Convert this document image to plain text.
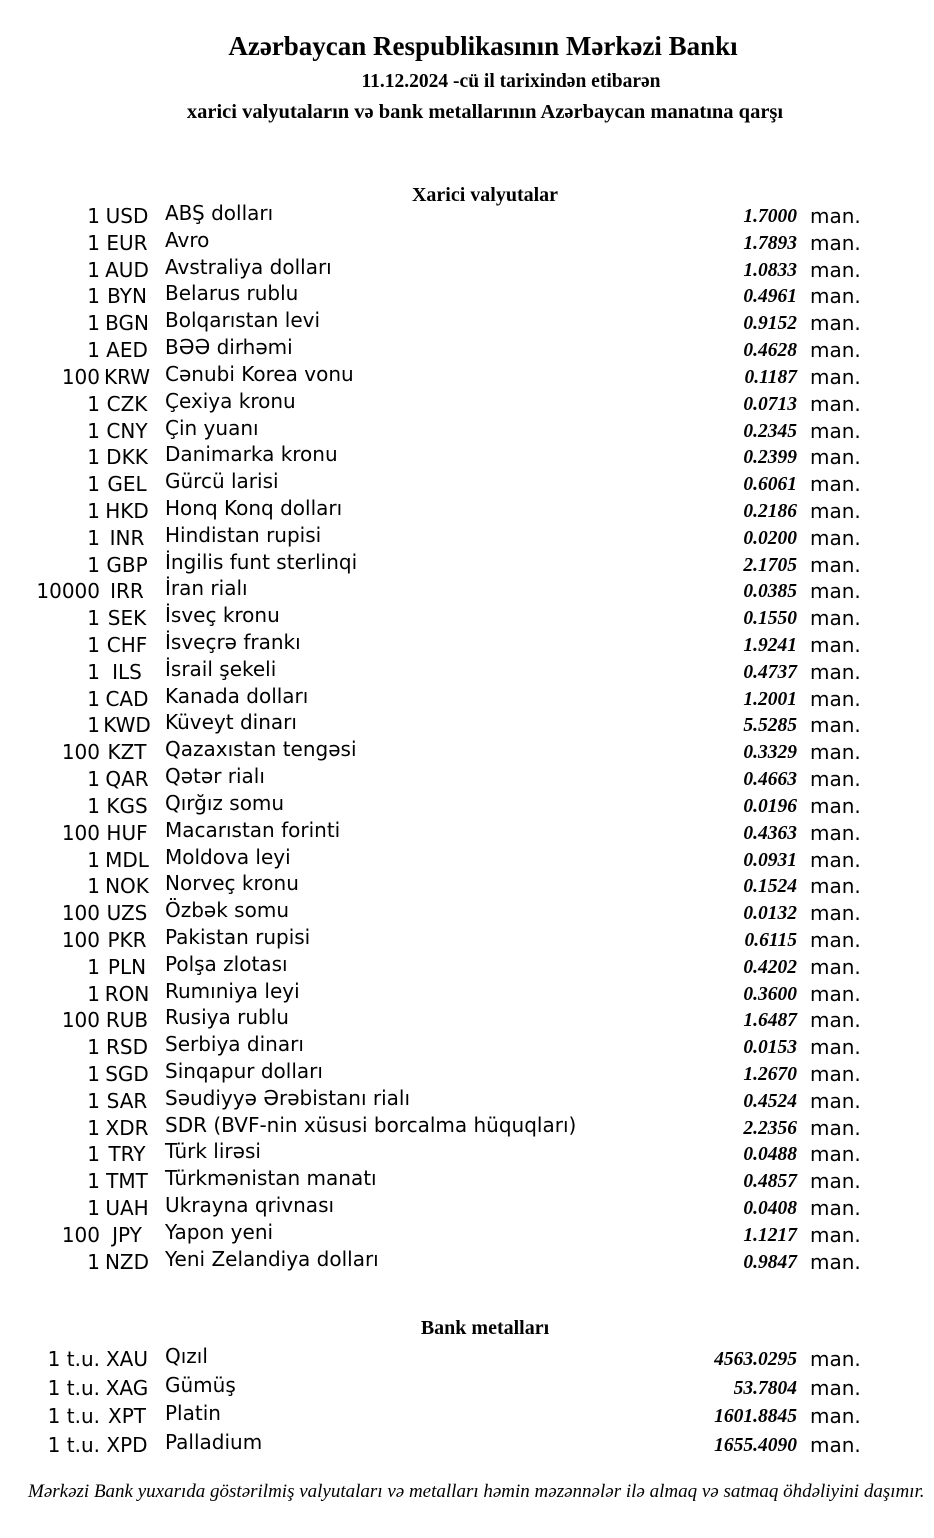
Azərbaycan Respublikasının Mərkəzi Bankı
11.12.2024 -cü il tarixindən etibarən
xarici valyutaların və bank metallarının Azərbaycan manatına qarşı
Xarici valyutalar
1 USD ABŞ dolları	1.7000 man.
1 EUR Avro	1.7893 man.
1 AUD Avstraliya dolları	1.0833 man.
1 BYN Belarus rublu	0.4961 man.
1 BGN Bolqarıstan levi	0.9152 man.
1 AED BƏƏ dirhəmi	0.4628 man.
100 KRW Cənubi Korea vonu	0.1187 man.
1 CZK Çexiya kronu	0.0713 man.
1 CNY Çin yuanı	0.2345 man.
1 DKK Danimarka kronu	0.2399 man.
1 GEL Gürcü larisi	0.6061 man.
1 HKD Honq Konq dolları	0.2186 man.
1 INR	Hindistan rupisi	0.0200 man.
1 GBP İngilis funt sterlinqi	2.1705 man.
10000 IRR	İran rialı	0.0385 man.
1 SEK İsveç kronu	0.1550 man.
1 CHF İsveçrə frankı	1.9241 man.
1 ILS	İsrail şekeli	0.4737 man.
1 CAD Kanada dolları	1.2001 man.
1 KWD Küveyt dinarı	5.5285 man.
100 KZT Qazaxıstan tengəsi	0.3329 man.
1 QAR Qətər rialı	0.4663 man.
1 KGS Qırğız somu	0.0196 man.
100 HUF Macarıstan forinti	0.4363 man.
1 MDL Moldova leyi	0.0931 man.
1 NOK Norveç kronu	0.1524 man.
100 UZS Özbək somu	0.0132 man.
100 PKR Pakistan rupisi	0.6115 man.
1 PLN Polşa zlotası	0.4202 man.
1 RON Rumıniya leyi	0.3600 man.
100 RUB Rusiya rublu	1.6487 man.
1 RSD Serbiya dinarı	0.0153 man.
1 SGD Sinqapur dolları	1.2670 man.
1 SAR Səudiyyə Ərəbistanı rialı	0.4524 man.
1 XDR SDR (BVF-nin xüsusi borcalma hüquqları)	2.2356 man.
1 TRY Türk lirəsi	0.0488 man.
1 TMT Türkmənistan manatı	0.4857 man.
1 UAH Ukrayna qrivnası	0.0408 man.
100 JPY	Yapon yeni	1.1217 man.
1 NZD Yeni Zelandiya dolları	0.9847 man.
Bank metalları
1 t.u. XAU Qızıl	4563.0295 man.
1 t.u. XAG Gümüş	53.7804 man.
1 t.u. XPT Platin	1601.8845 man.
1 t.u. XPD Palladium	1655.4090 man.
Mərkəzi Bank yuxarıda göstərilmiş valyutaları və metalları həmin məzənnələr ilə almaq və satmaq öhdəliyini daşımır.
